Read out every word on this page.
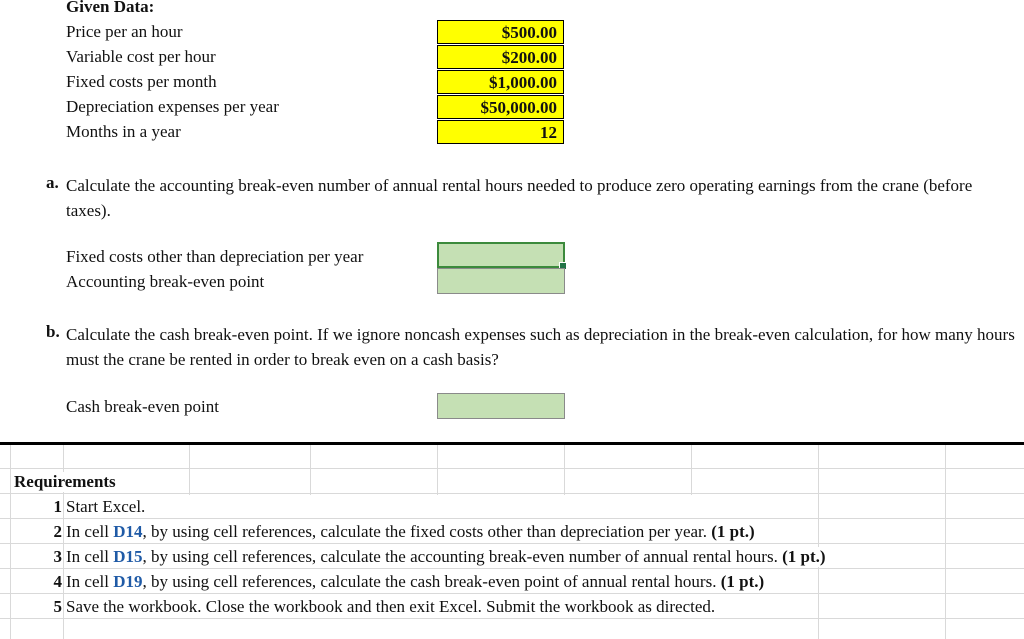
Given Data:
Price per an hour
Variable cost per hour
Fixed costs per month
Depreciation expenses per year
Months in a year
$500.00
$200.00
$1,000.00
$50,000.00
12
a. Calculate the accounting break-even number of annual rental hours needed to produce zero operating earnings from the crane (before taxes).
Fixed costs other than depreciation per year
Accounting break-even point
b. Calculate the cash break-even point. If we ignore noncash expenses such as depreciation in the break-even calculation, for how many hours must the crane be rented in order to break even on a cash basis?
Cash break-even point
Requirements
1 Start Excel.
2 In cell D14, by using cell references, calculate the fixed costs other than depreciation per year. (1 pt.)
3 In cell D15, by using cell references, calculate the accounting break-even number of annual rental hours. (1 pt.)
4 In cell D19, by using cell references, calculate the cash break-even point of annual rental hours. (1 pt.)
5 Save the workbook. Close the workbook and then exit Excel. Submit the workbook as directed.
